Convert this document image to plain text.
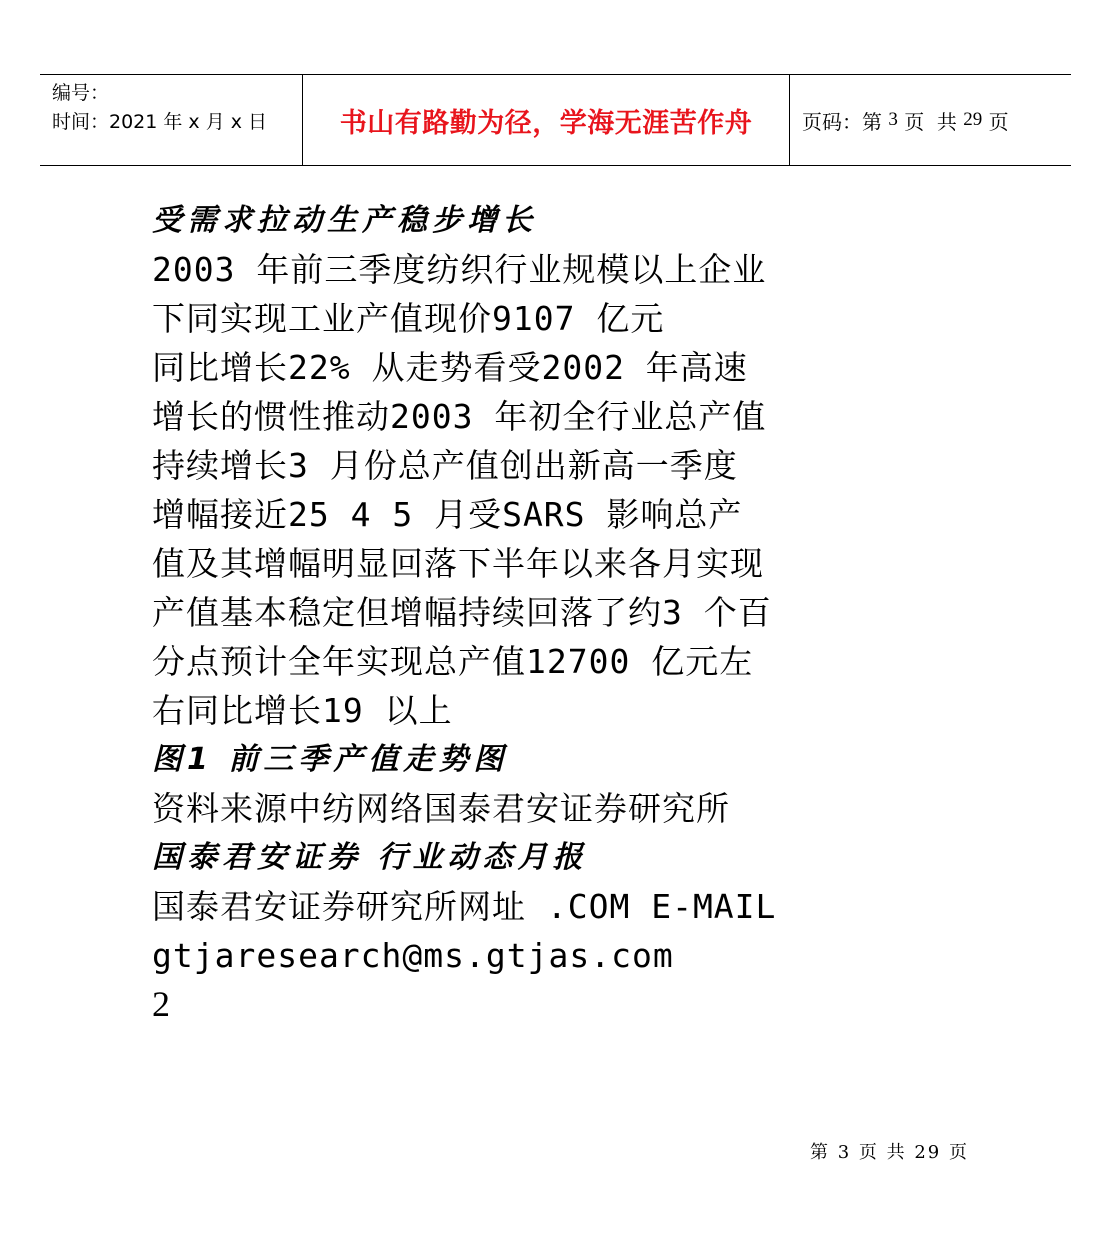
编号：
时间：2021 年 x 月 x 日	书山有路勤为径，学海无涯苦作舟 页码：第 3 页  共 29 页
受需求拉动生产稳步增长
2003 年前三季度纺织行业规模以上企业
下同实现工业产值现价9107 亿元
同比增长22% 从走势看受2002 年高速
增长的惯性推动2003 年初全行业总产值
持续增长3 月份总产值创出新高一季度
增幅接近25 4 5 月受SARS 影响总产
值及其增幅明显回落下半年以来各月实现
产值基本稳定但增幅持续回落了约3 个百
分点预计全年实现总产值12700 亿元左
右同比增长19 以上
图1 前三季产值走势图
资料来源中纺网络国泰君安证券研究所
国泰君安证券 行业动态月报
国泰君安证券研究所网址 .COM E-MAIL
gtjaresearch@ms.gtjas.com
2
第 3 页 共 29 页
